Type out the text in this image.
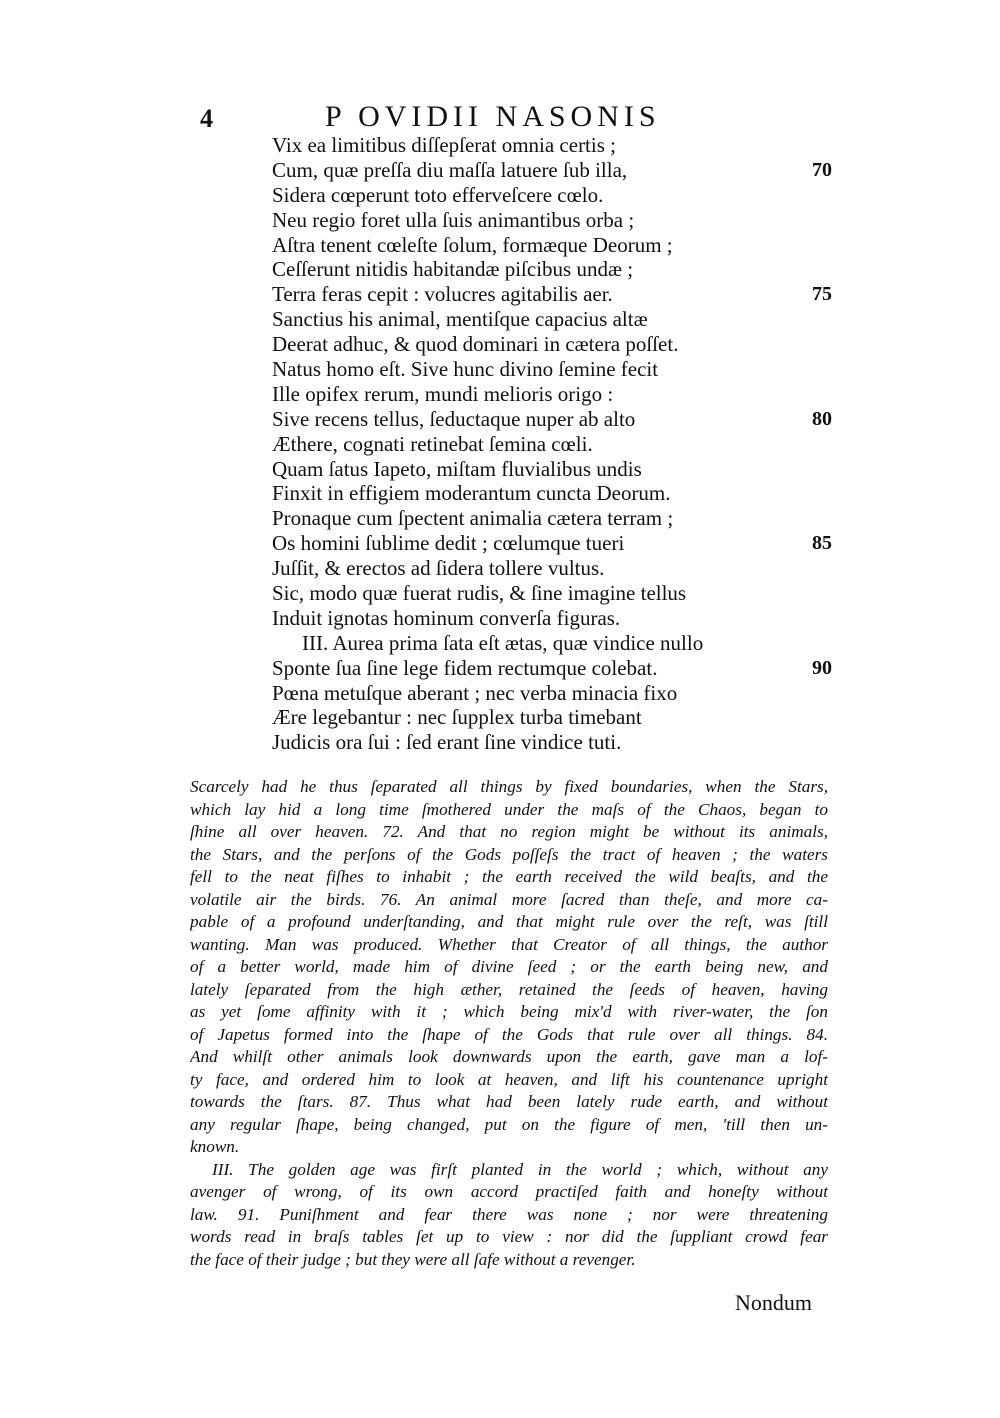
4	P OVIDII NASONIS
Vix ea limitibus diſſepſerat omnia certis ;
Cum, quæ preſſa diu maſſa latuere ſub illa,	70
Sidera cœperunt toto efferveſcere cœlo.
Neu regio foret ulla ſuis animantibus orba ;
Aſtra tenent cœleſte ſolum, formæque Deorum ;
Ceſſerunt nitidis habitandæ piſcibus undæ ;
Terra feras cepit : volucres agitabilis aer.	75
Sanctius his animal, mentiſque capacius altæ
Deerat adhuc, & quod dominari in cætera poſſet.
Natus homo eſt. Sive hunc divino ſemine fecit
Ille opifex rerum, mundi melioris origo :
Sive recens tellus, ſeductaque nuper ab alto	80
Æthere, cognati retinebat ſemina cœli.
Quam ſatus Iapeto, miſtam fluvialibus undis
Finxit in effigiem moderantum cuncta Deorum.
Pronaque cum ſpectent animalia cætera terram ;
Os homini ſublime dedit ; cœlumque tueri	85
Juſſit, & erectos ad ſidera tollere vultus.
Sic, modo quæ fuerat rudis, & ſine imagine tellus
Induit ignotas hominum converſa figuras.
III. Aurea prima ſata eſt ætas, quæ vindice nullo
Sponte ſua ſine lege fidem rectumque colebat.	90
Pœna metuſque aberant ; nec verba minacia fixo
Ære legebantur : nec ſupplex turba timebant
Judicis ora ſui : ſed erant ſine vindice tuti.
Scarcely had he thus ſeparated all things by fixed boundaries, when the Stars,
which lay hid a long time ſmothered under the maſs of the Chaos, began to
ſhine all over heaven. 72. And that no region might be without its animals,
the Stars, and the perſons of the Gods poſſeſs the tract of heaven ; the waters
fell to the neat fiſhes to inhabit ; the earth received the wild beaſts, and the
volatile air the birds. 76. An animal more ſacred than theſe, and more ca-
pable of a profound underſtanding, and that might rule over the reſt, was ſtill
wanting. Man was produced. Whether that Creator of all things, the author
of a better world, made him of divine ſeed ; or the earth being new, and
lately ſeparated from the high æther, retained the ſeeds of heaven, having
as yet ſome affinity with it ; which being mix'd with river-water, the ſon
of Japetus formed into the ſhape of the Gods that rule over all things. 84.
And whilſt other animals look downwards upon the earth, gave man a lof-
ty face, and ordered him to look at heaven, and lift his countenance upright
towards the ſtars. 87. Thus what had been lately rude earth, and without
any regular ſhape, being changed, put on the figure of men, 'till then un-
known.
III. The golden age was firſt planted in the world ; which, without any
avenger of wrong, of its own accord practiſed faith and honeſty without
law. 91. Puniſhment and fear there was none ; nor were threatening
words read in braſs tables ſet up to view : nor did the ſuppliant crowd fear
the face of their judge ; but they were all ſafe without a revenger.
Nondum
